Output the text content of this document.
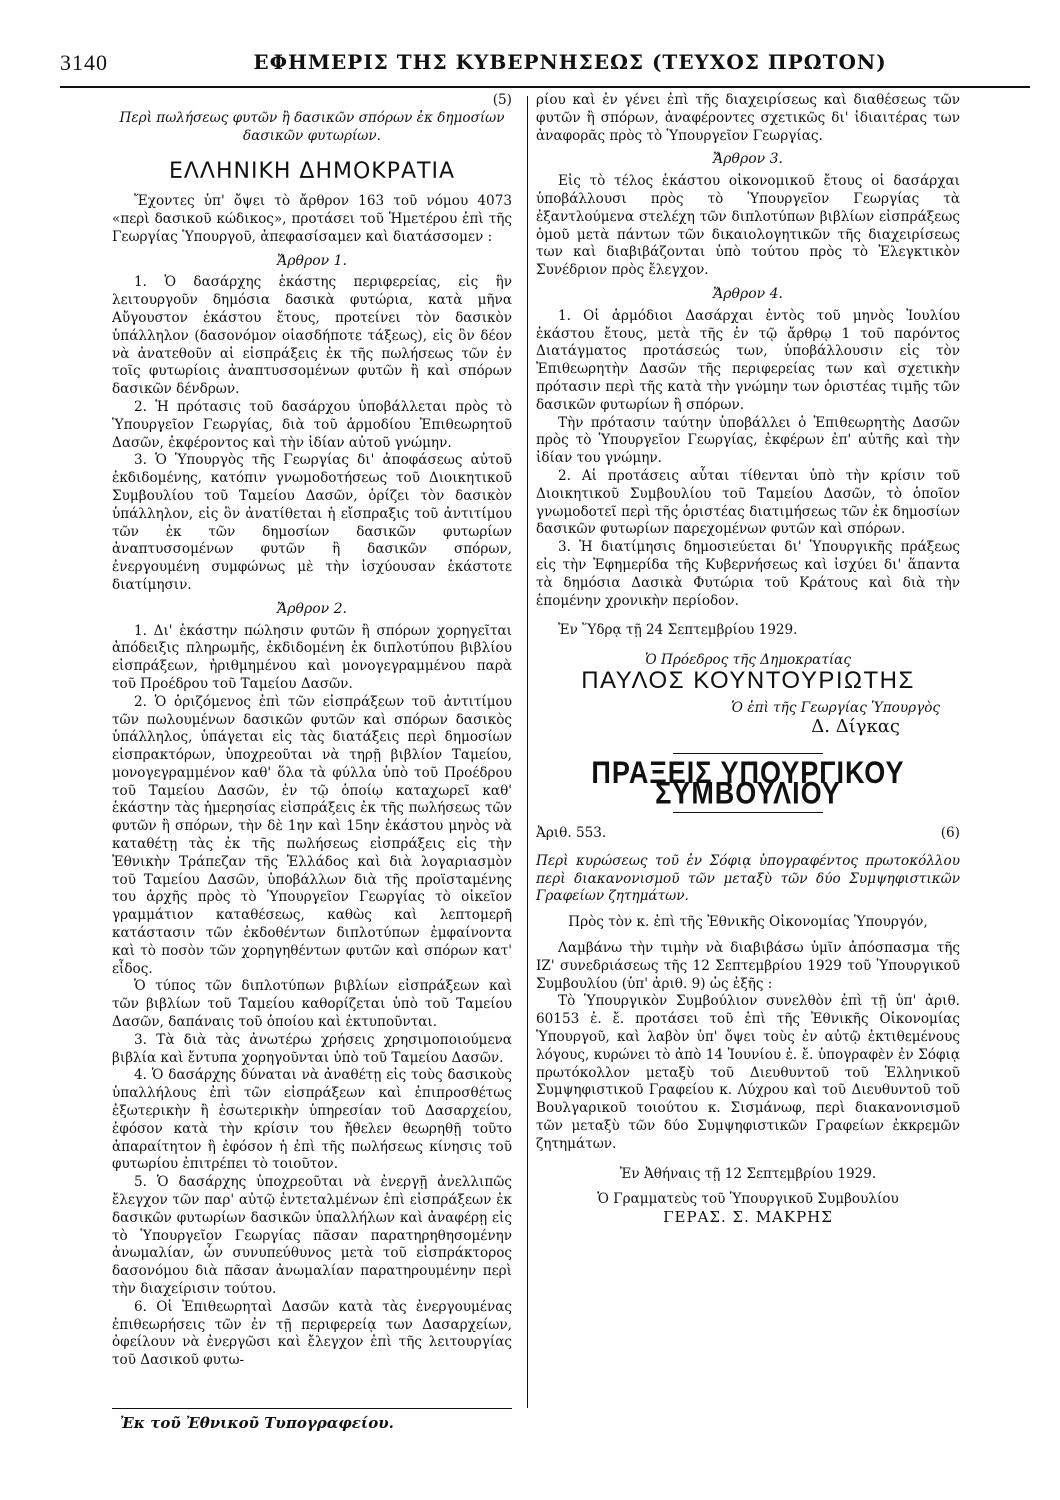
3140	ΕΦΗΜΕΡΙΣ ΤΗΣ ΚΥΒΕΡΝΗΣΕΩΣ (ΤΕΥΧΟΣ ΠΡΩΤΟΝ)

(5)

Περὶ πωλήσεως φυτῶν ἢ δασικῶν σπόρων ἐκ δημοσίων δασικῶν φυτωρίων.

ΕΛΛΗΝΙΚΗ ΔΗΜΟΚΡΑΤΙΑ

Ἔχοντες ὑπ' ὄψει τὸ ἄρθρον 163 τοῦ νόμου 4073 «περὶ δασικοῦ κώδικος», προτάσει τοῦ Ἡμετέρου ἐπὶ τῆς Γεωργίας Ὑπουργοῦ, ἀπεφασίσαμεν καὶ διατάσσομεν :

Ἄρθρον 1.

1. Ὁ δασάρχης ἑκάστης περιφερείας, εἰς ἣν λειτουργοῦν δημόσια δασικὰ φυτώρια, κατὰ μῆνα Αὔγουστον ἑκάστου ἔτους, προτείνει τὸν δασικὸν ὑπάλληλον (δασονόμον οἱασδήποτε τάξεως), εἰς ὃν δέον νὰ ἀνατεθοῦν αἱ εἰσπράξεις ἐκ τῆς πωλήσεως τῶν ἐν τοῖς φυτωρίοις ἀναπτυσσομένων φυτῶν ἢ καὶ σπόρων δασικῶν δένδρων.

2. Ἡ πρότασις τοῦ δασάρχου ὑποβάλλεται πρὸς τὸ Ὑπουργεῖον Γεωργίας, διὰ τοῦ ἁρμοδίου Ἐπιθεωρητοῦ Δασῶν, ἐκφέροντος καὶ τὴν ἰδίαν αὐτοῦ γνώμην.

3. Ὁ Ὑπουργὸς τῆς Γεωργίας δι' ἀποφάσεως αὐτοῦ ἐκδιδομένης, κατόπιν γνωμοδοτήσεως τοῦ Διοικητικοῦ Συμβουλίου τοῦ Ταμείου Δασῶν, ὁρίζει τὸν δασικὸν ὑπάλληλον, εἰς ὃν ἀνατίθεται ἡ εἴσπραξις τοῦ ἀντιτίμου τῶν ἐκ τῶν δημοσίων δασικῶν φυτωρίων ἀναπτυσσομένων φυτῶν ἢ δασικῶν σπόρων, ἐνεργουμένη συμφώνως μὲ τὴν ἰσχύουσαν ἑκάστοτε διατίμησιν.

Ἄρθρον 2.

1. Δι' ἑκάστην πώλησιν φυτῶν ἢ σπόρων χορηγεῖται ἀπόδειξις πληρωμῆς, ἐκδιδομένη ἐκ διπλοτύπου βιβλίου εἰσπράξεων, ἠριθμημένου καὶ μονογεγραμμένου παρὰ τοῦ Προέδρου τοῦ Ταμείου Δασῶν.

2. Ὁ ὁριζόμενος ἐπὶ τῶν εἰσπράξεων τοῦ ἀντιτίμου τῶν πωλουμένων δασικῶν φυτῶν καὶ σπόρων δασικὸς ὑπάλληλος, ὑπάγεται εἰς τὰς διατάξεις περὶ δημοσίων εἰσπρακτόρων, ὑποχρεοῦται νὰ τηρῇ βιβλίον Ταμείου, μονογεγραμμένον καθ' ὅλα τὰ φύλλα ὑπὸ τοῦ Προέδρου τοῦ Ταμείου Δασῶν, ἐν τῷ ὁποίῳ καταχωρεῖ καθ' ἑκάστην τὰς ἡμερησίας εἰσπράξεις ἐκ τῆς πωλήσεως τῶν φυτῶν ἢ σπόρων, τὴν δὲ 1ην καὶ 15ην ἑκάστου μηνὸς νὰ καταθέτῃ τὰς ἐκ τῆς πωλήσεως εἰσπράξεις εἰς τὴν Ἐθνικὴν Τράπεζαν τῆς Ἑλλάδος καὶ διὰ λογαριασμὸν τοῦ Ταμείου Δασῶν, ὑποβάλλων διὰ τῆς προϊσταμένης του ἀρχῆς πρὸς τὸ Ὑπουργεῖον Γεωργίας τὸ οἰκεῖον γραμμάτιον καταθέσεως, καθὼς καὶ λεπτομερῆ κατάστασιν τῶν ἐκδοθέντων διπλοτύπων ἐμφαίνοντα καὶ τὸ ποσὸν τῶν χορηγηθέντων φυτῶν καὶ σπόρων κατ' εἶδος.

Ὁ τύπος τῶν διπλοτύπων βιβλίων εἰσπράξεων καὶ τῶν βιβλίων τοῦ Ταμείου καθορίζεται ὑπὸ τοῦ Ταμείου Δασῶν, δαπάναις τοῦ ὁποίου καὶ ἐκτυποῦνται.

3. Τὰ διὰ τὰς ἀνωτέρω χρήσεις χρησιμοποιούμενα βιβλία καὶ ἔντυπα χορηγοῦνται ὑπὸ τοῦ Ταμείου Δασῶν.

4. Ὁ δασάρχης δύναται νὰ ἀναθέτῃ εἰς τοὺς δασικοὺς ὑπαλλήλους ἐπὶ τῶν εἰσπράξεων καὶ ἐπιπροσθέτως ἐξωτερικὴν ἢ ἐσωτερικὴν ὑπηρεσίαν τοῦ Δασαρχείου, ἐφόσον κατὰ τὴν κρίσιν του ἤθελεν θεωρηθῇ τοῦτο ἀπαραίτητον ἢ ἐφόσον ἡ ἐπὶ τῆς πωλήσεως κίνησις τοῦ φυτωρίου ἐπιτρέπει τὸ τοιοῦτον.

5. Ὁ δασάρχης ὑποχρεοῦται νὰ ἐνεργῇ ἀνελλιπῶς ἔλεγχον τῶν παρ' αὐτῷ ἐντεταλμένων ἐπὶ εἰσπράξεων ἐκ δασικῶν φυτωρίων δασικῶν ὑπαλλήλων καὶ ἀναφέρῃ εἰς τὸ Ὑπουργεῖον Γεωργίας πᾶσαν παρατηρηθησομένην ἀνωμαλίαν, ὧν συνυπεύθυνος μετὰ τοῦ εἰσπράκτορος δασονόμου διὰ πᾶσαν ἀνωμαλίαν παρατηρουμένην περὶ τὴν διαχείρισιν τούτου.

6. Οἱ Ἐπιθεωρηταὶ Δασῶν κατὰ τὰς ἐνεργουμένας ἐπιθεωρήσεις τῶν ἐν τῇ περιφερείᾳ των Δασαρχείων, ὀφείλουν νὰ ἐνεργῶσι καὶ ἔλεγχον ἐπὶ τῆς λειτουργίας τοῦ Δασικοῦ φυτω-

Ἐκ τοῦ Ἐθνικοῦ Τυπογραφείου.

ρίου καὶ ἐν γένει ἐπὶ τῆς διαχειρίσεως καὶ διαθέσεως τῶν φυτῶν ἢ σπόρων, ἀναφέροντες σχετικῶς δι' ἰδιαιτέρας των ἀναφορᾶς πρὸς τὸ Ὑπουργεῖον Γεωργίας.

Ἄρθρον 3.

Εἰς τὸ τέλος ἑκάστου οἰκονομικοῦ ἔτους οἱ δασάρχαι ὑποβάλλουσι πρὸς τὸ Ὑπουργεῖον Γεωργίας τὰ ἐξαντλούμενα στελέχη τῶν διπλοτύπων βιβλίων εἰσπράξεως ὁμοῦ μετὰ πάντων τῶν δικαιολογητικῶν τῆς διαχειρίσεως των καὶ διαβιβάζονται ὑπὸ τούτου πρὸς τὸ Ἐλεγκτικὸν Συνέδριον πρὸς ἔλεγχον.

Ἄρθρον 4.

1. Οἱ ἁρμόδιοι Δασάρχαι ἐντὸς τοῦ μηνὸς Ἰουλίου ἑκάστου ἔτους, μετὰ τῆς ἐν τῷ ἄρθρῳ 1 τοῦ παρόντος Διατάγματος προτάσεώς των, ὑποβάλλουσιν εἰς τὸν Ἐπιθεωρητὴν Δασῶν τῆς περιφερείας των καὶ σχετικὴν πρότασιν περὶ τῆς κατὰ τὴν γνώμην των ὁριστέας τιμῆς τῶν δασικῶν φυτωρίων ἢ σπόρων.

Τὴν πρότασιν ταύτην ὑποβάλλει ὁ Ἐπιθεωρητὴς Δασῶν πρὸς τὸ Ὑπουργεῖον Γεωργίας, ἐκφέρων ἐπ' αὐτῆς καὶ τὴν ἰδίαν του γνώμην.

2. Αἱ προτάσεις αὗται τίθενται ὑπὸ τὴν κρίσιν τοῦ Διοικητικοῦ Συμβουλίου τοῦ Ταμείου Δασῶν, τὸ ὁποῖον γνωμοδοτεῖ περὶ τῆς ὁριστέας διατιμήσεως τῶν ἐκ δημοσίων δασικῶν φυτωρίων παρεχομένων φυτῶν καὶ σπόρων.

3. Ἡ διατίμησις δημοσιεύεται δι' Ὑπουργικῆς πράξεως εἰς τὴν Ἐφημερίδα τῆς Κυβερνήσεως καὶ ἰσχύει δι' ἅπαντα τὰ δημόσια Δασικὰ Φυτώρια τοῦ Κράτους καὶ διὰ τὴν ἑπομένην χρονικὴν περίοδον.

Ἐν Ὕδρᾳ τῇ 24 Σεπτεμβρίου 1929.

Ὁ Πρόεδρος τῆς Δημοκρατίας

ΠΑΥΛΟΣ ΚΟΥΝΤΟΥΡΙΩΤΗΣ

Ὁ ἐπὶ τῆς Γεωργίας Ὑπουργὸς

Δ. Δίγκας

ΠΡΑΞΕΙΣ ΥΠΟΥΡΓΙΚΟΥ ΣΥΜΒΟΥΛΙΟΥ
Ἀριθ. 553.	(6)

Περὶ κυρώσεως τοῦ ἐν Σόφιᾳ ὑπογραφέντος πρωτοκόλλου περὶ διακανονισμοῦ τῶν μεταξὺ τῶν δύο Συμψηφιστικῶν Γραφείων ζητημάτων.

Πρὸς τὸν κ. ἐπὶ τῆς Ἐθνικῆς Οἰκονομίας Ὑπουργόν,

Λαμβάνω τὴν τιμὴν νὰ διαβιβάσω ὑμῖν ἀπόσπασμα τῆς ΙΖ' συνεδριάσεως τῆς 12 Σεπτεμβρίου 1929 τοῦ Ὑπουργικοῦ Συμβουλίου (ὑπ' ἀριθ. 9) ὡς ἑξῆς :

Τὸ Ὑπουργικὸν Συμβούλιον συνελθὸν ἐπὶ τῇ ὑπ' ἀριθ. 60153 ἐ. ἔ. προτάσει τοῦ ἐπὶ τῆς Ἐθνικῆς Οἰκονομίας Ὑπουργοῦ, καὶ λαβὸν ὑπ' ὄψει τοὺς ἐν αὐτῷ ἐκτιθεμένους λόγους, κυρώνει τὸ ἀπὸ 14 Ἰουνίου ἐ. ἔ. ὑπογραφὲν ἐν Σόφιᾳ πρωτόκολλον μεταξὺ τοῦ Διευθυντοῦ τοῦ Ἑλληνικοῦ Συμψηφιστικοῦ Γραφείου κ. Λύχρου καὶ τοῦ Διευθυντοῦ τοῦ Βουλγαρικοῦ τοιούτου κ. Σισμάνωφ, περὶ διακανονισμοῦ τῶν μεταξὺ τῶν δύο Συμψηφιστικῶν Γραφείων ἐκκρεμῶν ζητημάτων.

Ἐν Ἀθήναις τῇ 12 Σεπτεμβρίου 1929.

Ὁ Γραμματεὺς τοῦ Ὑπουργικοῦ Συμβουλίου

ΓΕΡΑΣ. Σ. ΜΑΚΡΗΣ
